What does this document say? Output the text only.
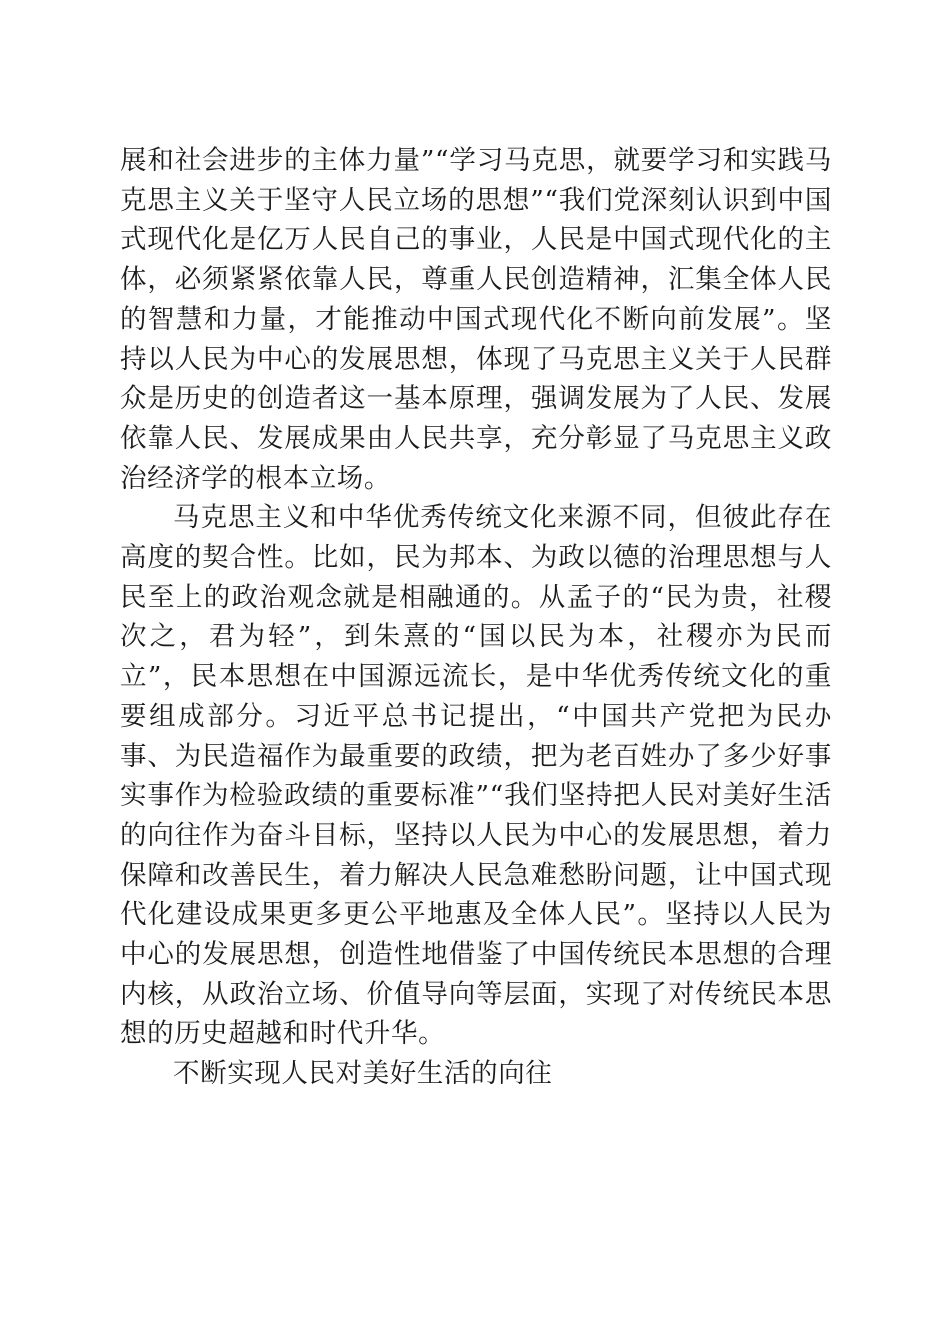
展和社会进步的主体力量”“学习马克思，就要学习和实践马克思主义关于坚守人民立场的思想”“我们党深刻认识到中国式现代化是亿万人民自己的事业，人民是中国式现代化的主体，必须紧紧依靠人民，尊重人民创造精神，汇集全体人民的智慧和力量，才能推动中国式现代化不断向前发展”。坚持以人民为中心的发展思想，体现了马克思主义关于人民群众是历史的创造者这一基本原理，强调发展为了人民、发展依靠人民、发展成果由人民共享，充分彰显了马克思主义政治经济学的根本立场。

马克思主义和中华优秀传统文化来源不同，但彼此存在高度的契合性。比如，民为邦本、为政以德的治理思想与人民至上的政治观念就是相融通的。从孟子的“民为贵，社稷次之，君为轻”，到朱熹的“国以民为本，社稷亦为民而立”，民本思想在中国源远流长，是中华优秀传统文化的重要组成部分。习近平总书记提出，“中国共产党把为民办事、为民造福作为最重要的政绩，把为老百姓办了多少好事实事作为检验政绩的重要标准”“我们坚持把人民对美好生活的向往作为奋斗目标，坚持以人民为中心的发展思想，着力保障和改善民生，着力解决人民急难愁盼问题，让中国式现代化建设成果更多更公平地惠及全体人民”。坚持以人民为中心的发展思想，创造性地借鉴了中国传统民本思想的合理内核，从政治立场、价值导向等层面，实现了对传统民本思想的历史超越和时代升华。

不断实现人民对美好生活的向往
